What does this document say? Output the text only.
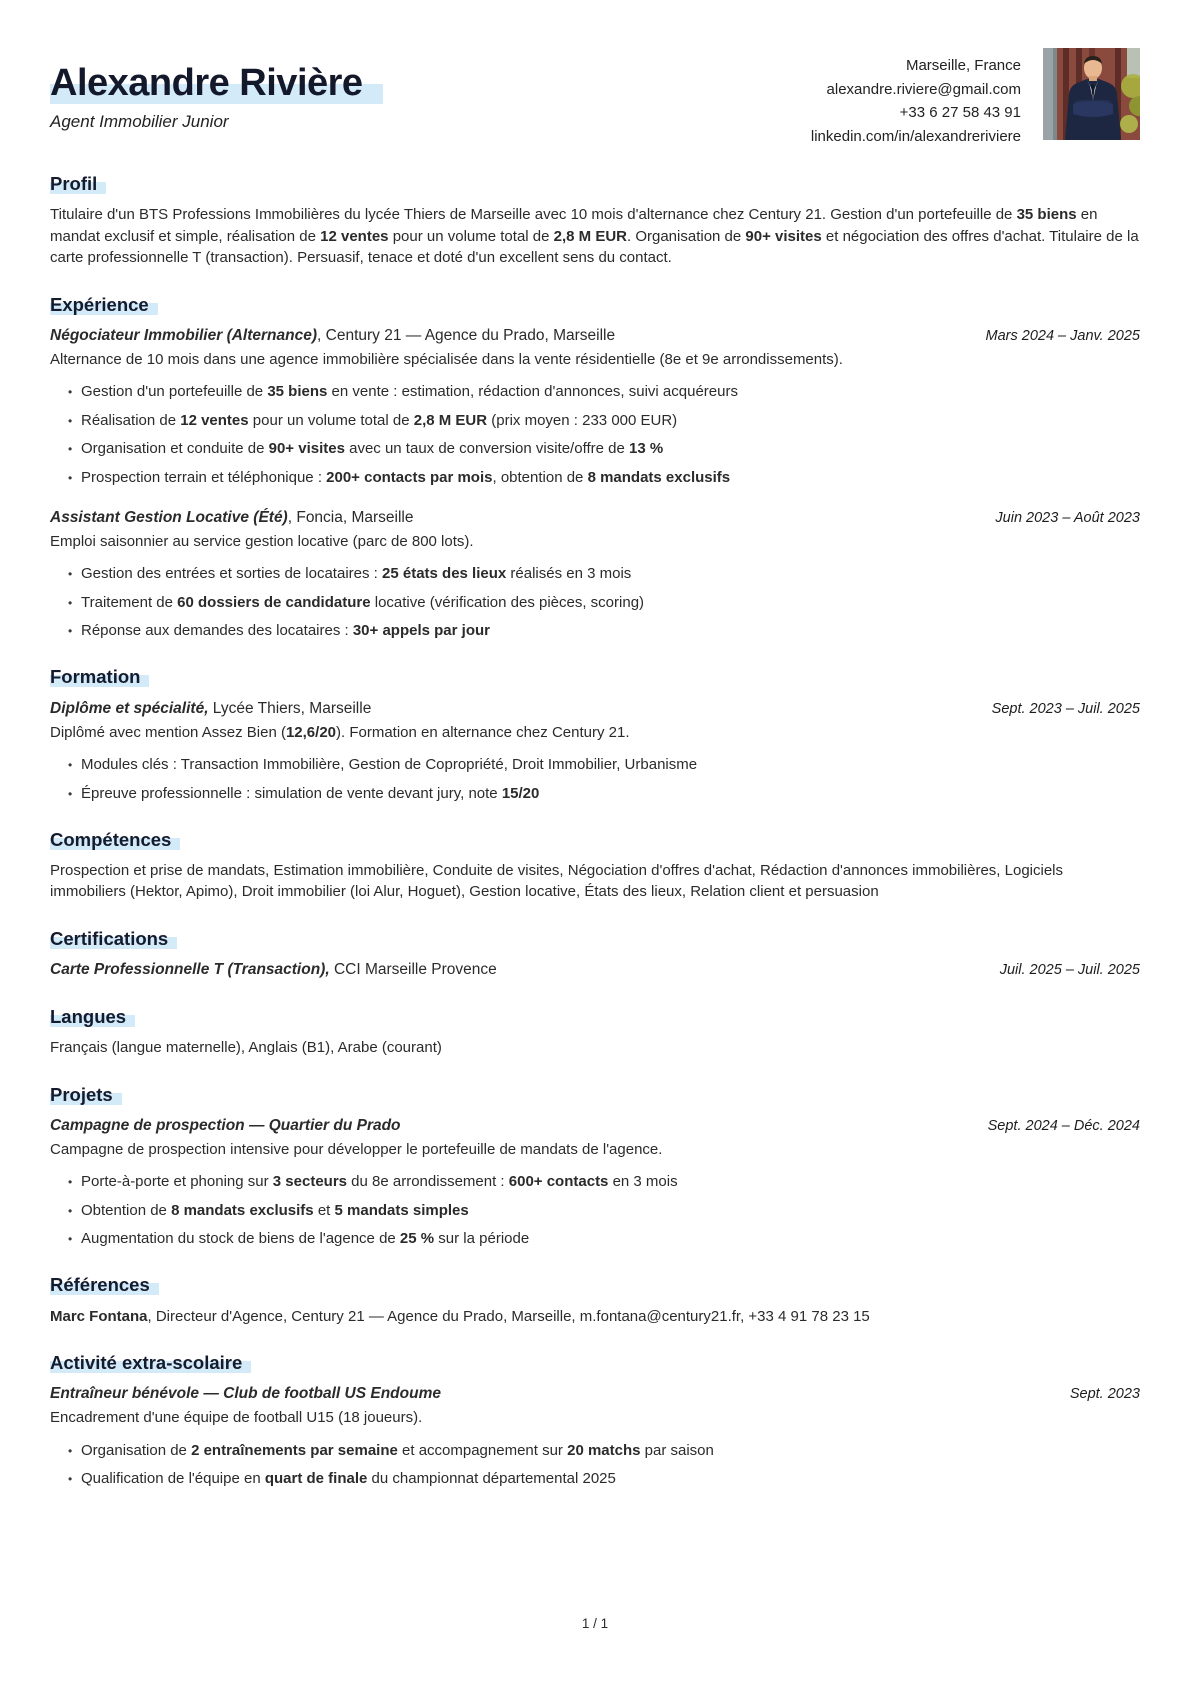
Alexandre Rivière
Agent Immobilier Junior
Marseille, France
alexandre.riviere@gmail.com
+33 6 27 58 43 91
linkedin.com/in/alexandreriviere
Profil

Titulaire d'un BTS Professions Immobilières du lycée Thiers de Marseille avec 10 mois d'alternance chez Century 21. Gestion d'un portefeuille de 35 biens en mandat exclusif et simple, réalisation de 12 ventes pour un volume total de 2,8 M EUR. Organisation de 90+ visites et négociation des offres d'achat. Titulaire de la carte professionnelle T (transaction). Persuasif, tenace et doté d'un excellent sens du contact.

Expérience
Négociateur Immobilier (Alternance), Century 21 — Agence du Prado, Marseille	Mars 2024 – Janv. 2025

Alternance de 10 mois dans une agence immobilière spécialisée dans la vente résidentielle (8e et 9e arrondissements).

• Gestion d'un portefeuille de 35 biens en vente : estimation, rédaction d'annonces, suivi acquéreurs
• Réalisation de 12 ventes pour un volume total de 2,8 M EUR (prix moyen : 233 000 EUR)
• Organisation et conduite de 90+ visites avec un taux de conversion visite/offre de 13 %
• Prospection terrain et téléphonique : 200+ contacts par mois, obtention de 8 mandats exclusifs
Assistant Gestion Locative (Été), Foncia, Marseille	Juin 2023 – Août 2023

Emploi saisonnier au service gestion locative (parc de 800 lots).

• Gestion des entrées et sorties de locataires : 25 états des lieux réalisés en 3 mois
• Traitement de 60 dossiers de candidature locative (vérification des pièces, scoring)
• Réponse aux demandes des locataires : 30+ appels par jour
Formation
Diplôme et spécialité, Lycée Thiers, Marseille	Sept. 2023 – Juil. 2025

Diplômé avec mention Assez Bien (12,6/20). Formation en alternance chez Century 21.

• Modules clés : Transaction Immobilière, Gestion de Copropriété, Droit Immobilier, Urbanisme
• Épreuve professionnelle : simulation de vente devant jury, note 15/20
Compétences

Prospection et prise de mandats, Estimation immobilière, Conduite de visites, Négociation d'offres d'achat, Rédaction d'annonces immobilières, Logiciels immobiliers (Hektor, Apimo), Droit immobilier (loi Alur, Hoguet), Gestion locative, États des lieux, Relation client et persuasion

Certifications
Carte Professionnelle T (Transaction), CCI Marseille Provence	Juil. 2025 – Juil. 2025
Langues

Français (langue maternelle), Anglais (B1), Arabe (courant)

Projets
Campagne de prospection — Quartier du Prado	Sept. 2024 – Déc. 2024

Campagne de prospection intensive pour développer le portefeuille de mandats de l'agence.

• Porte-à-porte et phoning sur 3 secteurs du 8e arrondissement : 600+ contacts en 3 mois
• Obtention de 8 mandats exclusifs et 5 mandats simples
• Augmentation du stock de biens de l'agence de 25 % sur la période
Références

Marc Fontana, Directeur d'Agence, Century 21 — Agence du Prado, Marseille, m.fontana@century21.fr, +33 4 91 78 23 15

Activité extra-scolaire
Entraîneur bénévole — Club de football US Endoume	Sept. 2023

Encadrement d'une équipe de football U15 (18 joueurs).

• Organisation de 2 entraînements par semaine et accompagnement sur 20 matchs par saison
• Qualification de l'équipe en quart de finale du championnat départemental 2025
1 / 1
